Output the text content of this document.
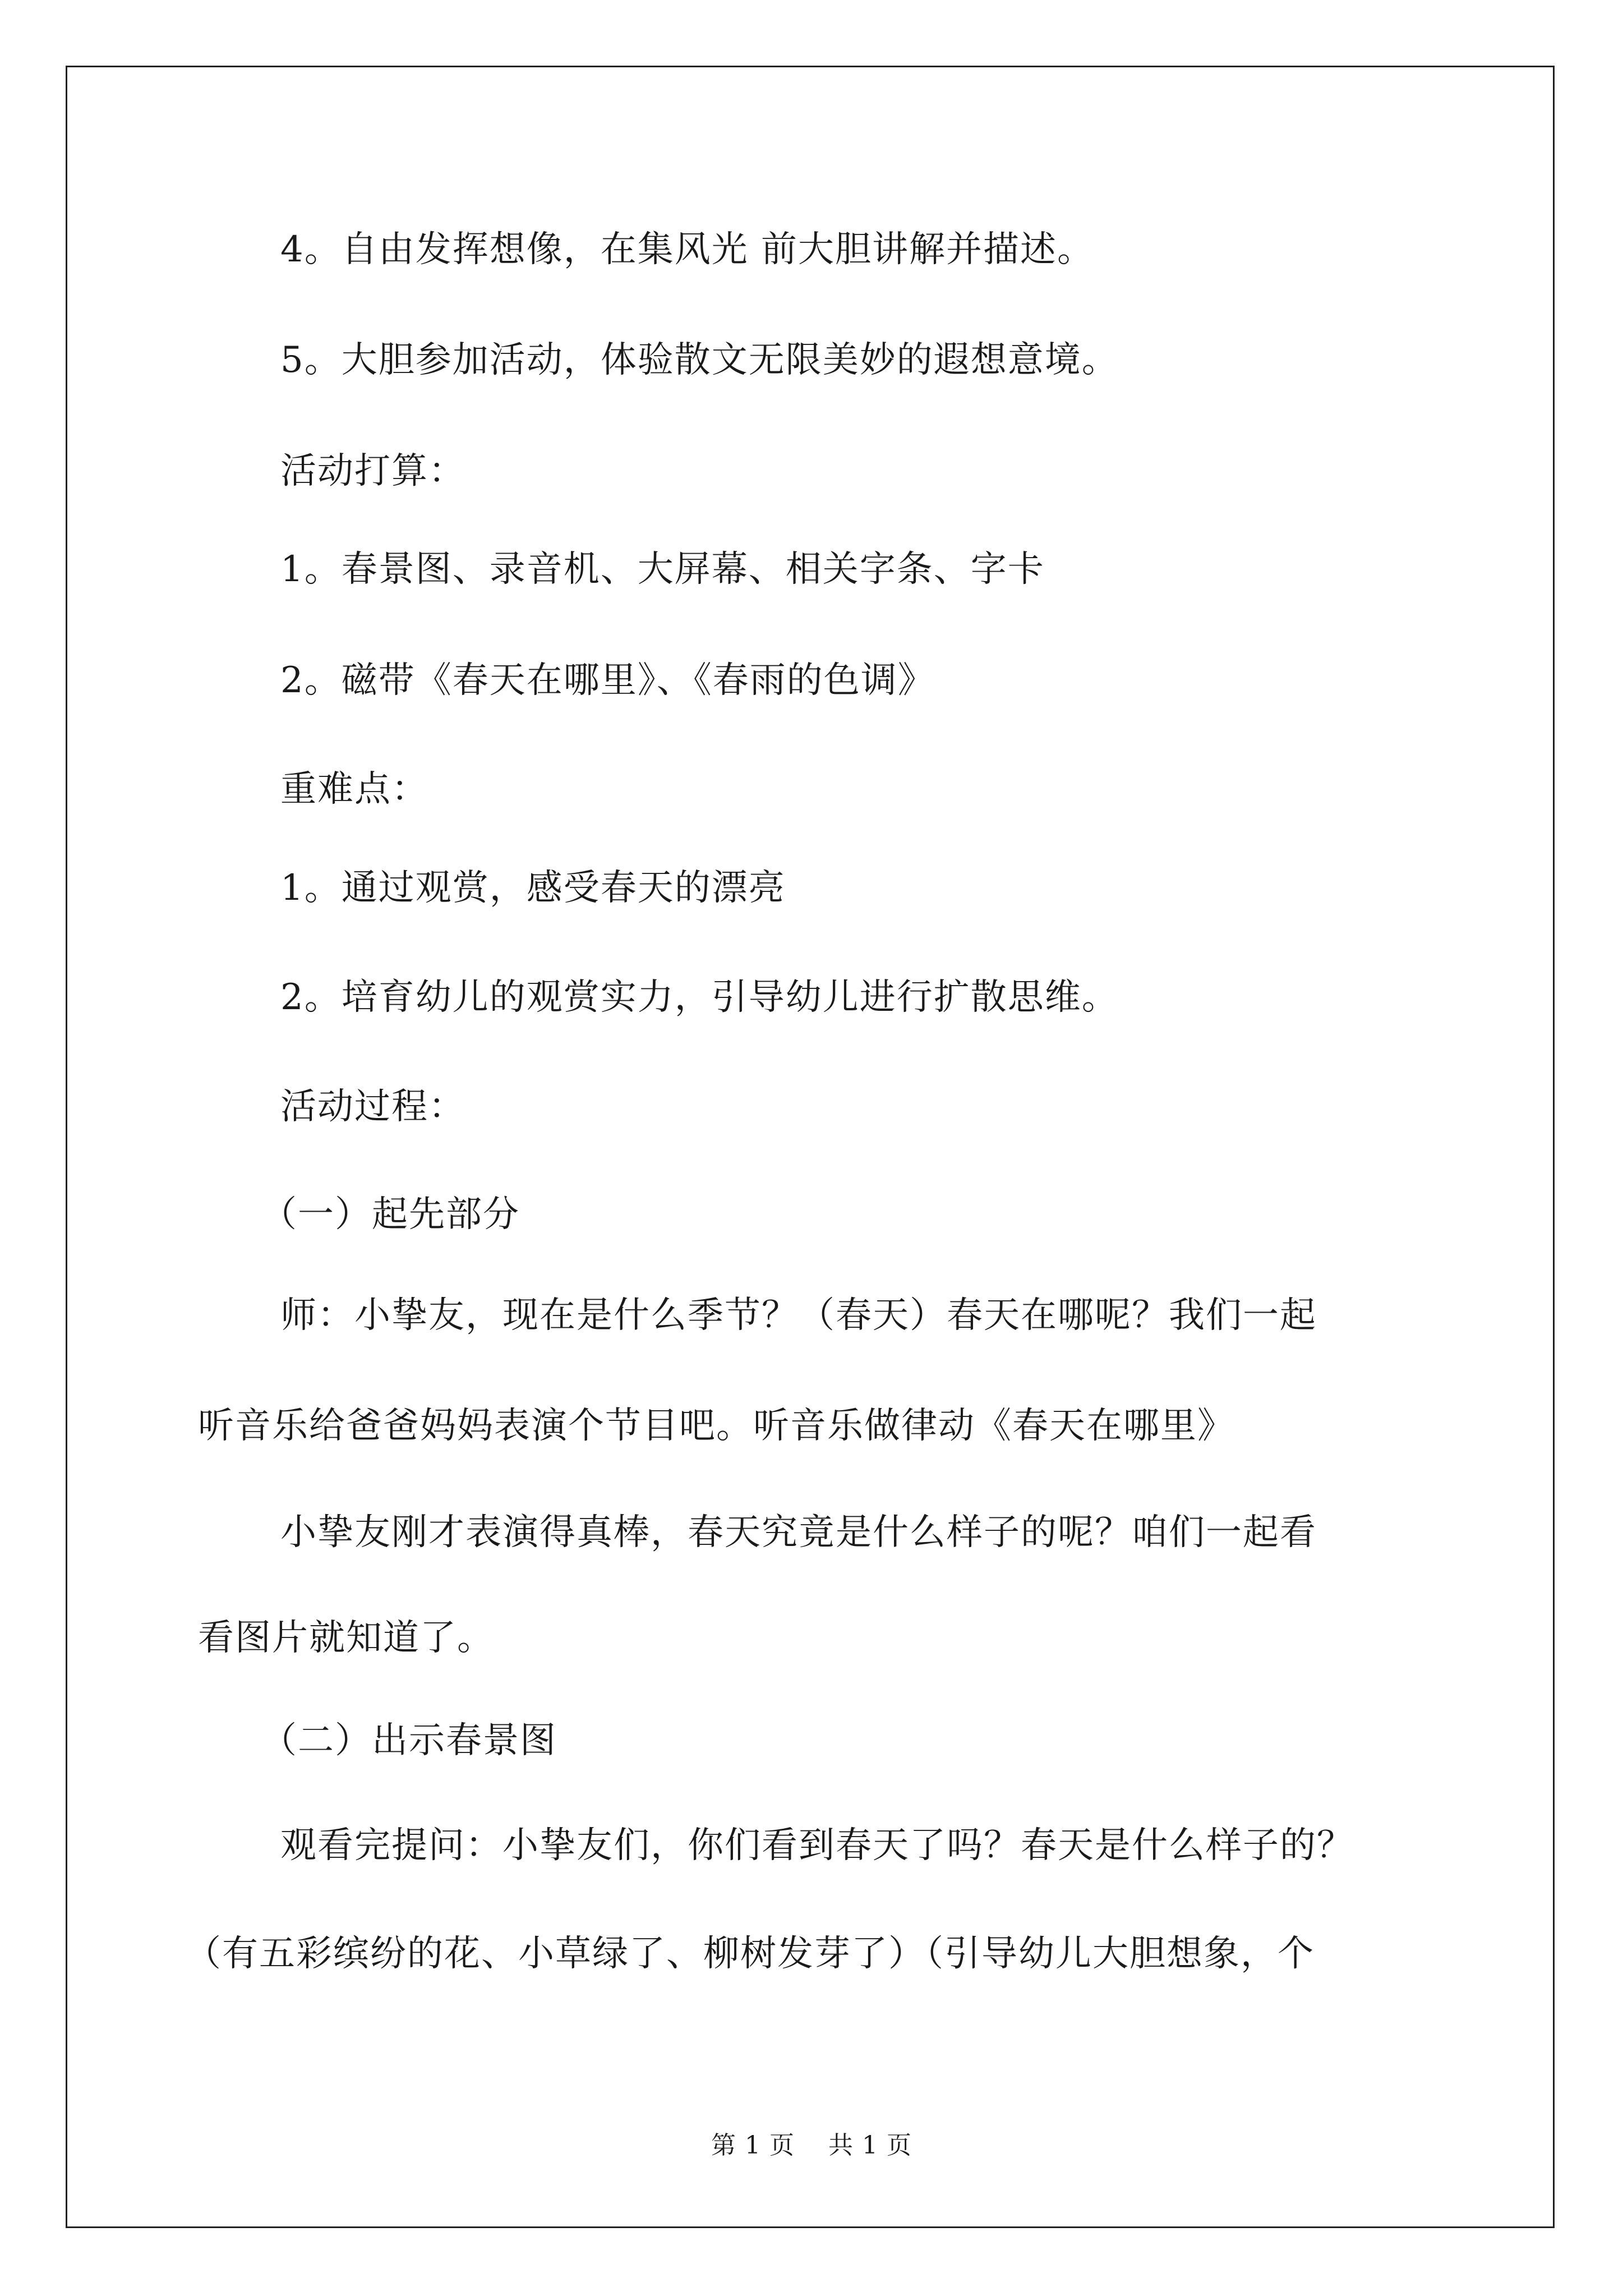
4。自由发挥想像，在集风光 前大胆讲解并描述。
5。大胆参加活动，体验散文无限美妙的遐想意境。
活动打算：
1。春景图、录音机、大屏幕、相关字条、字卡
2。磁带《春天在哪里》、《春雨的色调》
重难点：
1。通过观赏，感受春天的漂亮
2。培育幼儿的观赏实力，引导幼儿进行扩散思维。
活动过程：
（一）起先部分
师：小挚友，现在是什么季节？（春天）春天在哪呢？我们一起
听音乐给爸爸妈妈表演个节目吧。听音乐做律动《春天在哪里》
小挚友刚才表演得真棒，春天究竟是什么样子的呢？咱们一起看
看图片就知道了。
（二）出示春景图
观看完提问：小挚友们，你们看到春天了吗？春天是什么样子的？
（有五彩缤纷的花、小草绿了、柳树发芽了）（引导幼儿大胆想象，个
第 1 页 共 1 页
